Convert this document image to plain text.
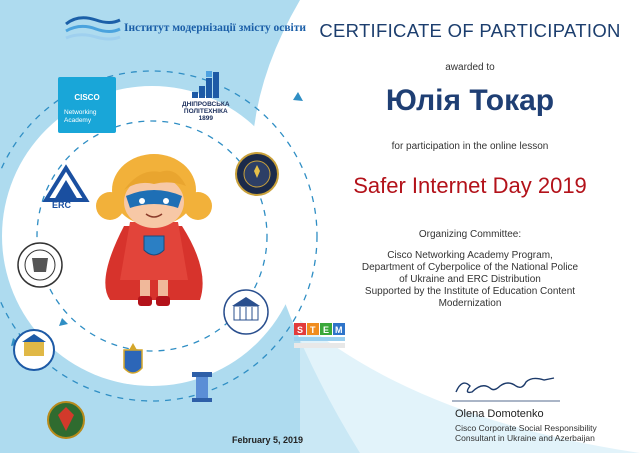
ERC
Інститут модернізації змісту освіти
CISCO
Networking
Academy
ДНІПРОВСЬКА
ПОЛІТЕХНІКА
1899
S T E M
CERTIFICATE OF PARTICIPATION
awarded to
Юлія Токар
for participation in the online lesson
Safer Internet Day 2019
Organizing Committee:
Cisco Networking Academy Program,
Department of Cyberpolice of the National Police
of Ukraine and ERC Distribution
Supported by the Institute of Education Content
Modernization
February 5, 2019
Olena Domotenko
Cisco Corporate Social Responsibility
Consultant in Ukraine and Azerbaijan
